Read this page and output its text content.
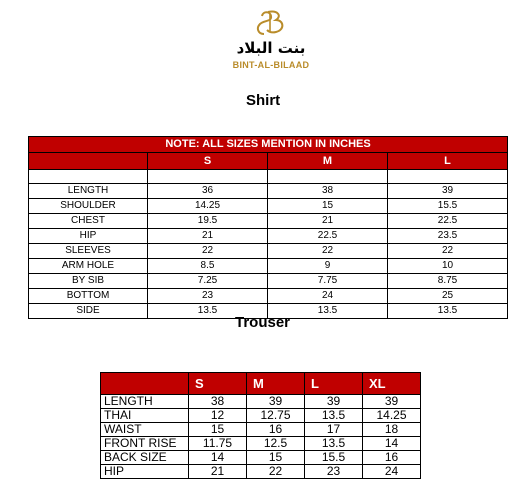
بنت البلاد
BINT-AL-BILAAD
Shirt
NOTE: ALL SIZES MENTION IN INCHES			
	S	M	L

LENGTH	36	38	39
SHOULDER	14.25	15	15.5
CHEST	19.5	21	22.5
HIP	21	22.5	23.5
SLEEVES	22	22	22
ARM HOLE	8.5	9	10
BY SIB	7.25	7.75	8.75
BOTTOM	23	24	25
SIDE	13.5	13.5	13.5
Trouser
	S	M	L	XL
LENGTH	38	39	39	39
THAI	12	12.75	13.5	14.25
WAIST	15	16	17	18
FRONT RISE	11.75	12.5	13.5	14
BACK SIZE	14	15	15.5	16
HIP	21	22	23	24
